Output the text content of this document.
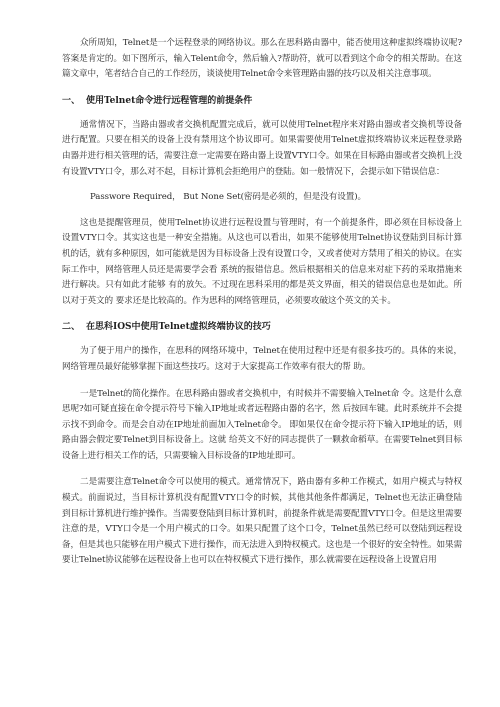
众所周知，Telnet是一个远程登录的网络协议。那么在思科路由器中，能否使用这种虚拟终端协议呢?答案是肯定的。如下图所示，输入Telent命令，然后输入?帮助符，就可以看到这个命令的相关帮助。在这篇文章中，笔者结合自己的工作经历，谈谈使用Telnet命令来管理路由器的技巧以及相关注意事项。

一、 使用Telnet命令进行远程管理的前提条件

通常情况下，当路由器或者交换机配置完成后，就可以使用Telnet程序来对路由器或者交换机等设备进行配置。只要在相关的设备上没有禁用这个协议即可。如果需要使用Telnet虚拟终端协议来远程登录路由器并进行相关管理的话，需要注意一定需要在路由器上设置VTY口令。如果在目标路由器或者交换机上没有设置VTY口令，那么对不起，目标计算机会拒绝用户的登陆。如一般情况下，会提示如下错误信息：

Passwore Required， But None Set(密码是必须的，但是没有设置)。

这也是提醒管理员，使用Telnet协议进行远程设置与管理时，有一个前提条件，即必须在目标设备上设置VTY口令。其实这也是一种安全措施。从这也可以看出，如果不能够使用Telnet协议登陆到目标计算机的话，就有多种原因，如可能就是因为目标设备上没有设置口令，又或者使对方禁用了相关的协议。在实际工作中，网络管理人员还是需要学会看 系统的报错信息。然后根据相关的信息来对症下药的采取措施来进行解决。只有如此才能够 有的放矢。不过现在思科采用的都是英文界面，相关的错误信息也是如此。所以对于英文的 要求还是比较高的。作为思科的网络管理员，必须要攻破这个英文的关卡。

二、 在思科IOS中使用Telnet虚拟终端协议的技巧

为了便于用户的操作，在思科的网络环境中，Telnet在使用过程中还是有很多技巧的。具体的来说，网络管理员最好能够掌握下面这些技巧。这对于大家提高工作效率有很大的帮 助。

一是Telnet的简化操作。在思科路由器或者交换机中，有时候并不需要输入Telnet命 令。这是什么意思呢?如可疑直接在命令提示符号下输入IP地址或者远程路由器的名字，然 后按回车键。此时系统并不会提示找不到命令。而是会自动在IP地址前面加入Telnet命令。 即如果仅在命令提示符下输入IP地址的话，则路由器会假定要Telnet到目标设备上。这就 给英文不好的同志提供了一颗救命稻草。在需要Telnet到目标设备上进行相关工作的话，只需要输入目标设备的IP地址即可。

二是需要注意Telnet命令可以使用的模式。通常情况下，路由器有多种工作模式，如用户模式与特权模式。前面说过，当目标计算机没有配置VTY口令的时候，其他其他条件都满足，Telnet也无法正确登陆到目标计算机进行维护操作。当需要登陆到目标计算机时，前提条件就是需要配置VTY口令。但是这里需要注意的是，VTY口令是一个用户模式的口令。如果只配置了这个口令，Telnet虽然已经可以登陆到远程设备，但是其也只能够在用户模式下进行操作，而无法进入到特权模式。这也是一个很好的安全特性。如果需要让Telnet协议能够在远程设备上也可以在特权模式下进行操作，那么就需要在远程设备上设置启用
